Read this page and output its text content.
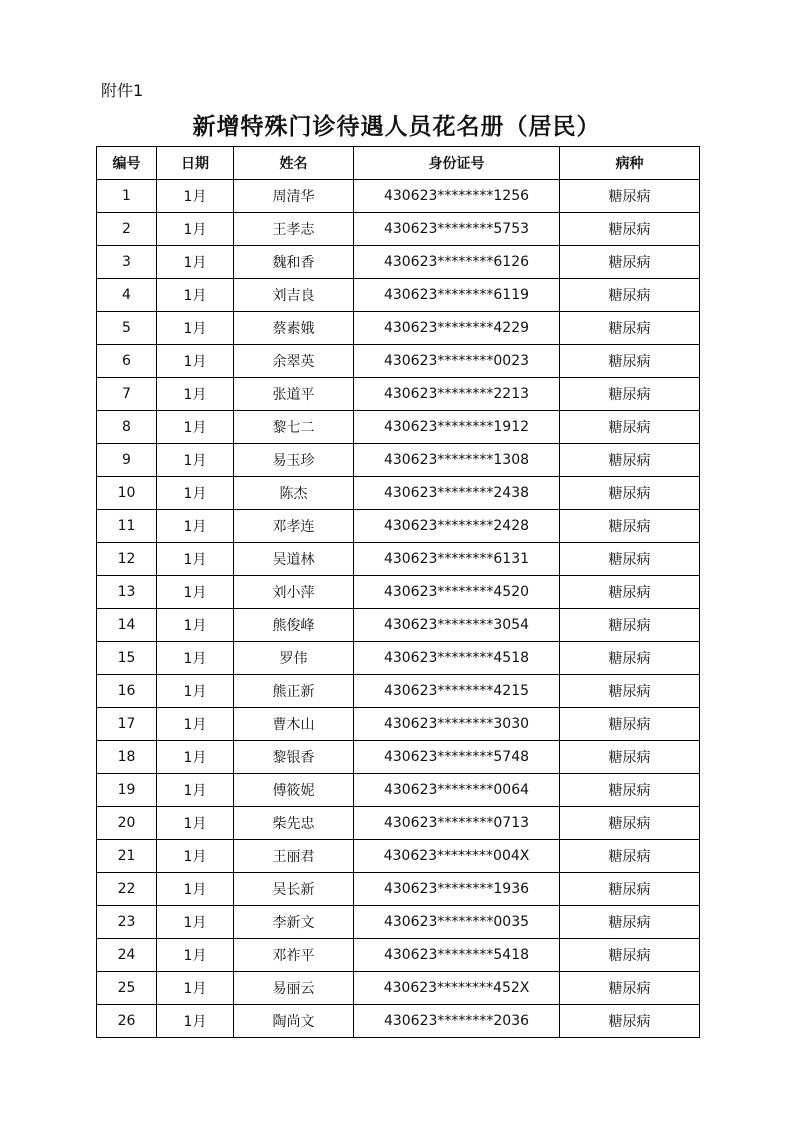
附件1
新增特殊门诊待遇人员花名册（居民）
编号	日期	姓名	身份证号	病种
1	1月	周清华	430623********1256	糖尿病
2	1月	王孝志	430623********5753	糖尿病
3	1月	魏和香	430623********6126	糖尿病
4	1月	刘吉良	430623********6119	糖尿病
5	1月	蔡素娥	430623********4229	糖尿病
6	1月	余翠英	430623********0023	糖尿病
7	1月	张道平	430623********2213	糖尿病
8	1月	黎七二	430623********1912	糖尿病
9	1月	易玉珍	430623********1308	糖尿病
10	1月	陈杰	430623********2438	糖尿病
11	1月	邓孝连	430623********2428	糖尿病
12	1月	吴道林	430623********6131	糖尿病
13	1月	刘小萍	430623********4520	糖尿病
14	1月	熊俊峰	430623********3054	糖尿病
15	1月	罗伟	430623********4518	糖尿病
16	1月	熊正新	430623********4215	糖尿病
17	1月	曹木山	430623********3030	糖尿病
18	1月	黎银香	430623********5748	糖尿病
19	1月	傅筱妮	430623********0064	糖尿病
20	1月	柴先忠	430623********0713	糖尿病
21	1月	王丽君	430623********004X	糖尿病
22	1月	吴长新	430623********1936	糖尿病
23	1月	李新文	430623********0035	糖尿病
24	1月	邓祚平	430623********5418	糖尿病
25	1月	易丽云	430623********452X	糖尿病
26	1月	陶尚文	430623********2036	糖尿病
